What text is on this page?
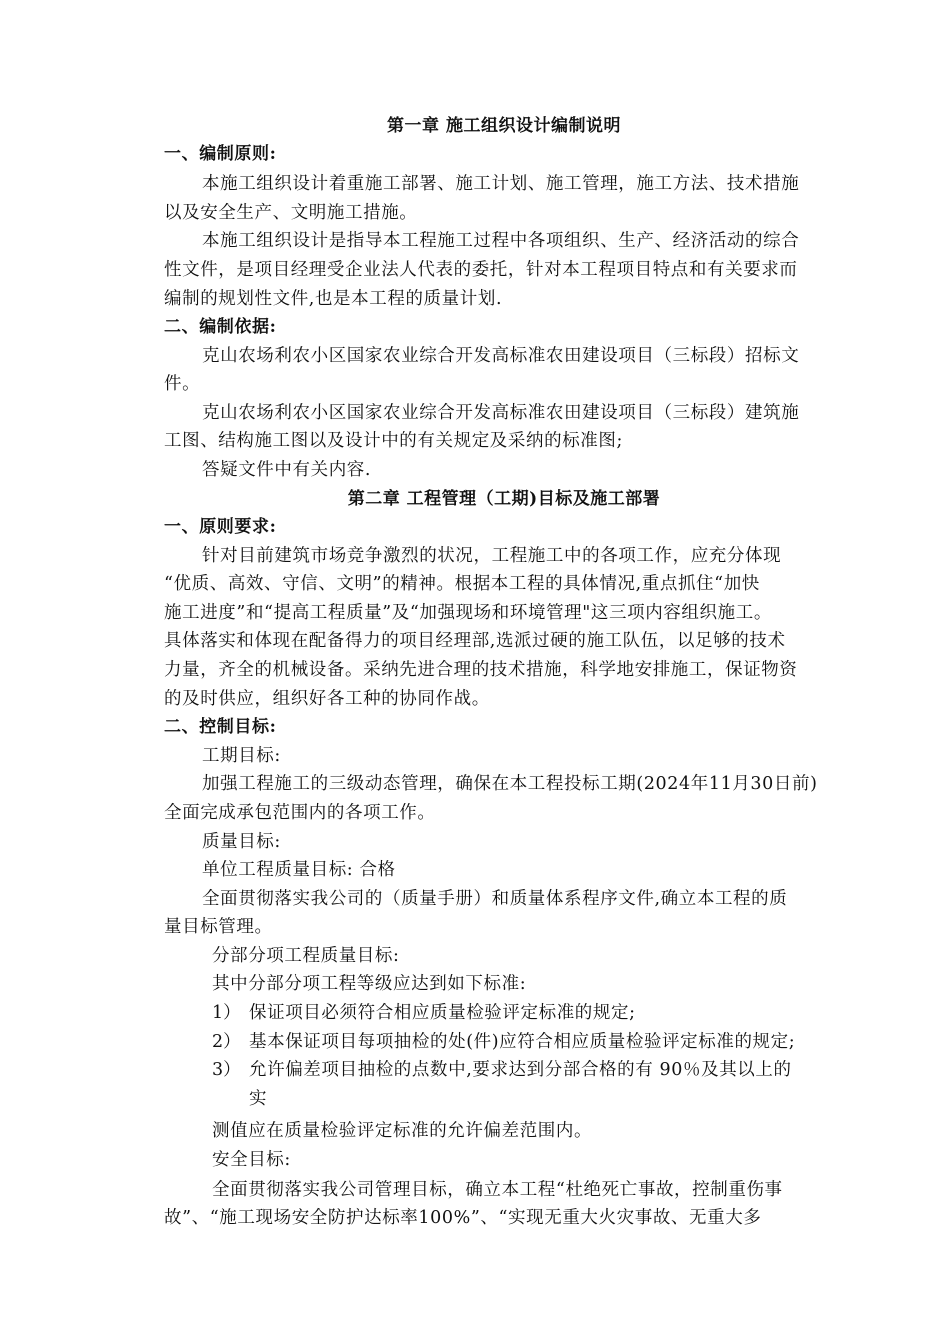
第一章 施工组织设计编制说明
一、编制原则:
本施工组织设计着重施工部署、施工计划、施工管理，施工方法、技术措施
以及安全生产、文明施工措施。
本施工组织设计是指导本工程施工过程中各项组织、生产、经济活动的综合
性文件，是项目经理受企业法人代表的委托，针对本工程项目特点和有关要求而
编制的规划性文件,也是本工程的质量计划.
二、编制依据:
克山农场利农小区国家农业综合开发高标准农田建设项目（三标段）招标文
件。
克山农场利农小区国家农业综合开发高标准农田建设项目（三标段）建筑施
工图、结构施工图以及设计中的有关规定及采纳的标准图;
答疑文件中有关内容.
第二章 工程管理（工期)目标及施工部署
一、原则要求:
针对目前建筑市场竞争激烈的状况，工程施工中的各项工作，应充分体现
“优质、高效、守信、文明”的精神。根据本工程的具体情况,重点抓住“加快
施工进度”和“提高工程质量”及“加强现场和环境管理"这三项内容组织施工。
具体落实和体现在配备得力的项目经理部,选派过硬的施工队伍，以足够的技术
力量，齐全的机械设备。采纳先进合理的技术措施，科学地安排施工，保证物资
的及时供应，组织好各工种的协同作战。
二、控制目标:
工期目标:
加强工程施工的三级动态管理，确保在本工程投标工期(2024年11月30日前)
全面完成承包范围内的各项工作。
质量目标:
单位工程质量目标: 合格
全面贯彻落实我公司的（质量手册）和质量体系程序文件,确立本工程的质
量目标管理。
分部分项工程质量目标:
其中分部分项工程等级应达到如下标准:
1） 保证项目必须符合相应质量检验评定标准的规定;
2） 基本保证项目每项抽检的处(件)应符合相应质量检验评定标准的规定;
3） 允许偏差项目抽检的点数中,要求达到分部合格的有 90％及其以上的
实
测值应在质量检验评定标准的允许偏差范围内。
安全目标:
全面贯彻落实我公司管理目标，确立本工程“杜绝死亡事故，控制重伤事
故”、“施工现场安全防护达标率100%”、“实现无重大火灾事故、无重大多
